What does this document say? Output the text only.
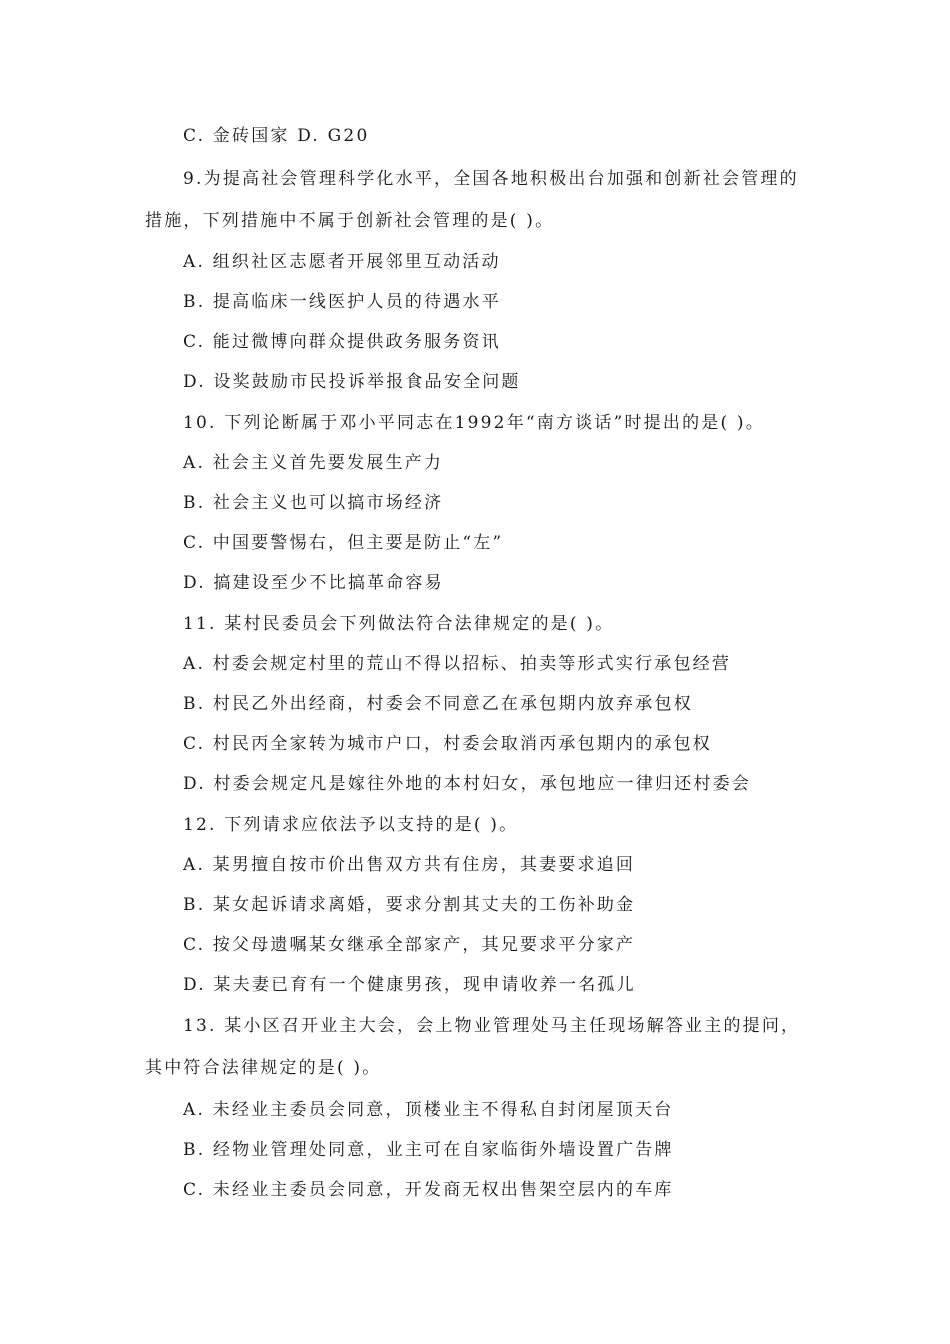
C. 金砖国家 D. G20
9.为提高社会管理科学化水平，全国各地积极出台加强和创新社会管理的
措施，下列措施中不属于创新社会管理的是( )。
A. 组织社区志愿者开展邻里互动活动
B. 提高临床一线医护人员的待遇水平
C. 能过微博向群众提供政务服务资讯
D. 设奖鼓励市民投诉举报食品安全问题
10. 下列论断属于邓小平同志在1992年“南方谈话”时提出的是( )。
A. 社会主义首先要发展生产力
B. 社会主义也可以搞市场经济
C. 中国要警惕右，但主要是防止“左”
D. 搞建设至少不比搞革命容易
11. 某村民委员会下列做法符合法律规定的是( )。
A. 村委会规定村里的荒山不得以招标、拍卖等形式实行承包经营
B. 村民乙外出经商，村委会不同意乙在承包期内放弃承包权
C. 村民丙全家转为城市户口，村委会取消丙承包期内的承包权
D. 村委会规定凡是嫁往外地的本村妇女，承包地应一律归还村委会
12. 下列请求应依法予以支持的是( )。
A. 某男擅自按市价出售双方共有住房，其妻要求追回
B. 某女起诉请求离婚，要求分割其丈夫的工伤补助金
C. 按父母遗嘱某女继承全部家产，其兄要求平分家产
D. 某夫妻已育有一个健康男孩，现申请收养一名孤儿
13. 某小区召开业主大会，会上物业管理处马主任现场解答业主的提问，
其中符合法律规定的是( )。
A. 未经业主委员会同意，顶楼业主不得私自封闭屋顶天台
B. 经物业管理处同意，业主可在自家临街外墙设置广告牌
C. 未经业主委员会同意，开发商无权出售架空层内的车库
